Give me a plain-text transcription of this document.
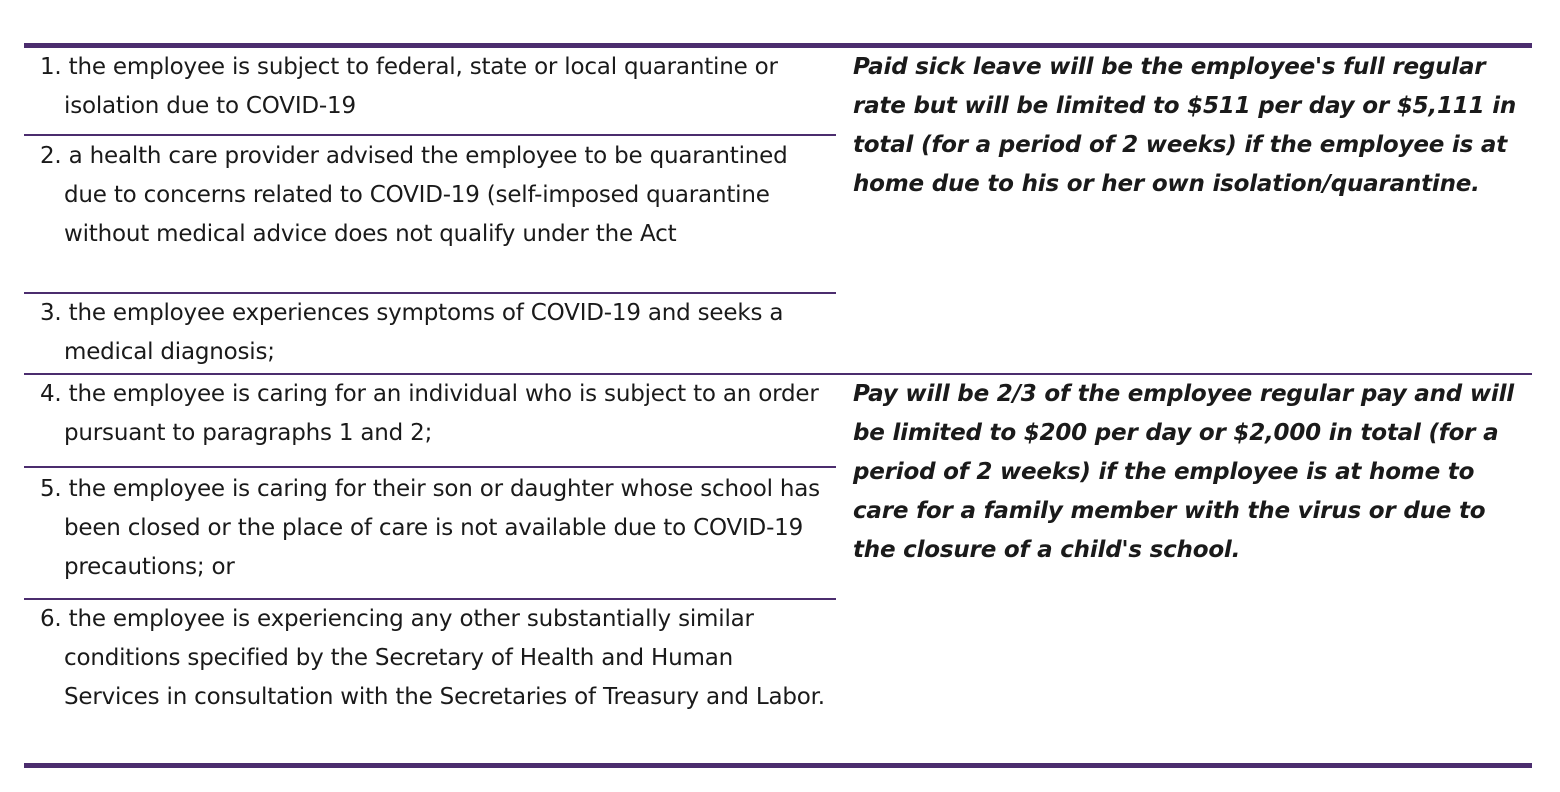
1. the employee is subject to federal, state or local quarantine or isolation due to COVID-19
2. a health care provider advised the employee to be quarantined due to concerns related to COVID-19 (self-imposed quarantine without medical advice does not qualify under the Act
3. the employee experiences symptoms of COVID-19 and seeks a medical diagnosis;
4. the employee is caring for an individual who is subject to an order pursuant to paragraphs 1 and 2;
5. the employee is caring for their son or daughter whose school has been closed or the place of care is not available due to COVID-19 precautions; or
6. the employee is experiencing any other substantially similar conditions specified by the Secretary of Health and Human Services in consultation with the Secretaries of Treasury and Labor.
Paid sick leave will be the employee's full regular rate but will be limited to $511 per day or $5,111 in total (for a period of 2 weeks) if the employee is at home due to his or her own isolation/quarantine.
Pay will be 2/3 of the employee regular pay and will be limited to $200 per day or $2,000 in total (for a period of 2 weeks) if the employee is at home to care for a family member with the virus or due to the closure of a child's school.
